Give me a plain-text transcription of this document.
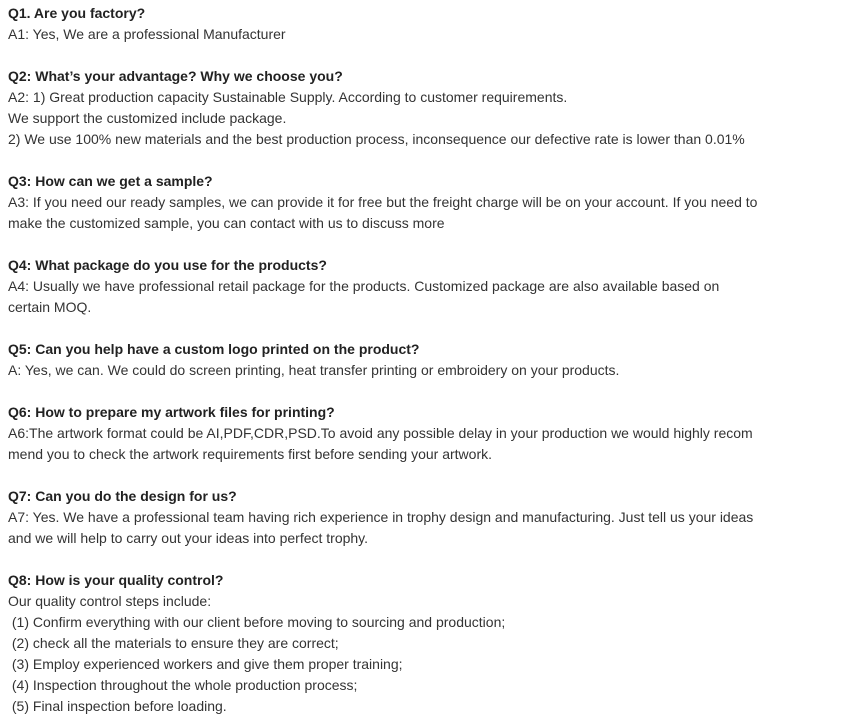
Q1. Are you factory?

A1: Yes, We are a professional Manufacturer

Q2: What’s your advantage? Why we choose you?

A2: 1) Great production capacity Sustainable Supply. According to customer requirements.

We support the customized include package.

2) We use 100% new materials and the best production process, inconsequence our defective rate is lower than 0.01%

Q3: How can we get a sample?

A3: If you need our ready samples, we can provide it for free but the freight charge will be on your account. If you need to

make the customized sample, you can contact with us to discuss more

Q4: What package do you use for the products?

A4: Usually we have professional retail package for the products. Customized package are also available based on

certain MOQ.

Q5: Can you help have a custom logo printed on the product?

A: Yes, we can. We could do screen printing, heat transfer printing or embroidery on your products.

Q6: How to prepare my artwork files for printing?

A6:The artwork format could be AI,PDF,CDR,PSD.To avoid any possible delay in your production we would highly recom

mend you to check the artwork requirements first before sending your artwork.

Q7: Can you do the design for us?

A7: Yes. We have a professional team having rich experience in trophy design and manufacturing. Just tell us your ideas

and we will help to carry out your ideas into perfect trophy.

Q8: How is your quality control?

Our quality control steps include:

(1) Confirm everything with our client before moving to sourcing and production;

(2) check all the materials to ensure they are correct;

(3) Employ experienced workers and give them proper training;

(4) Inspection throughout the whole production process;

(5) Final inspection before loading.
